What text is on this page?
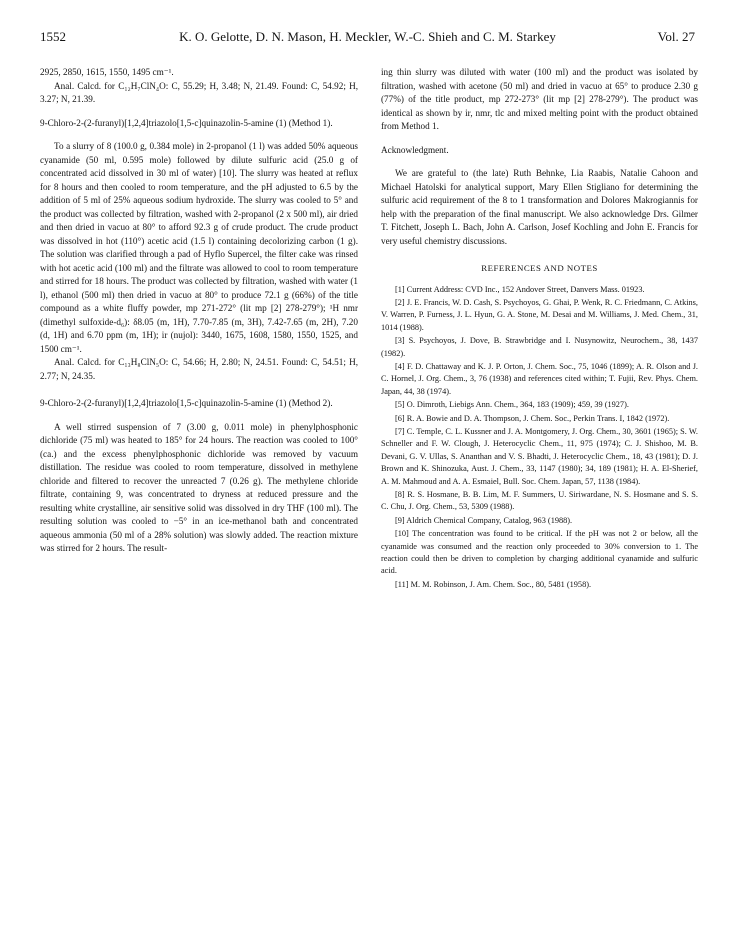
1552	K. O. Gelotte, D. N. Mason, H. Meckler, W.-C. Shieh and C. M. Starkey	Vol. 27

2925, 2850, 1615, 1550, 1495 cm⁻¹.

Anal. Calcd. for C₁₂H₇ClN₄O: C, 55.29; H, 3.48; N, 21.49. Found: C, 54.92; H, 3.27; N, 21.39.

9-Chloro-2-(2-furanyl)[1,2,4]triazolo[1,5-c]quinazolin-5-amine (1) (Method 1).

To a slurry of 8 (100.0 g, 0.384 mole) in 2-propanol (1 l) was added 50% aqueous cyanamide (50 ml, 0.595 mole) followed by dilute sulfuric acid (25.0 g of concentrated acid dissolved in 30 ml of water) [10]. The slurry was heated at reflux for 8 hours and then cooled to room temperature, and the pH adjusted to 6.5 by the addition of 5 ml of 25% aqueous sodium hydroxide. The slurry was cooled to 5° and the product was collected by filtration, washed with 2-propanol (2 x 500 ml), air dried and then dried in vacuo at 80° to afford 92.3 g of crude product. The crude product was dissolved in hot (110°) acetic acid (1.5 l) containing decolorizing carbon (1 g). The solution was clarified through a pad of Hyflo Supercel, the filter cake was rinsed with hot acetic acid (100 ml) and the filtrate was allowed to cool to room temperature and stirred for 18 hours. The product was collected by filtration, washed with water (1 l), ethanol (500 ml) then dried in vacuo at 80° to produce 72.1 g (66%) of the title compound as a white fluffy powder, mp 271-272° (lit mp [2] 278-279°); ¹H nmr (dimethyl sulfoxide-d₆): δ8.05 (m, 1H), 7.70-7.85 (m, 3H), 7.42-7.65 (m, 2H), 7.20 (d, 1H) and 6.70 ppm (m, 1H); ir (nujol): 3440, 1675, 1608, 1580, 1550, 1525, and 1500 cm⁻¹.

Anal. Calcd. for C₁₃H₈ClN₅O: C, 54.66; H, 2.80; N, 24.51. Found: C, 54.51; H, 2.77; N, 24.35.

9-Chloro-2-(2-furanyl)[1,2,4]triazolo[1,5-c]quinazolin-5-amine (1) (Method 2).

A well stirred suspension of 7 (3.00 g, 0.011 mole) in phenylphosphonic dichloride (75 ml) was heated to 185° for 24 hours. The reaction was cooled to 100° (ca.) and the excess phenylphosphonic dichloride was removed by vacuum distillation. The residue was cooled to room temperature, dissolved in methylene chloride and filtered to recover the unreacted 7 (0.26 g). The methylene chloride filtrate, containing 9, was concentrated to dryness at reduced pressure and the resulting white crystalline, air sensitive solid was dissolved in dry THF (100 ml). The resulting solution was cooled to −5° in an ice-methanol bath and concentrated aqueous ammonia (50 ml of a 28% solution) was slowly added. The reaction mixture was stirred for 2 hours. The result-

ing thin slurry was diluted with water (100 ml) and the product was isolated by filtration, washed with acetone (50 ml) and dried in vacuo at 65° to produce 2.30 g (77%) of the title product, mp 272-273° (lit mp [2] 278-279°). The product was identical as shown by ir, nmr, tlc and mixed melting point with the product obtained from Method 1.

Acknowledgment.

We are grateful to (the late) Ruth Behnke, Lia Raabis, Natalie Cahoon and Michael Hatolski for analytical support, Mary Ellen Stigliano for determining the sulfuric acid requirement of the 8 to 1 transformation and Dolores Makrogiannis for help with the preparation of the final manuscript. We also acknowledge Drs. Gilmer T. Fitchett, Joseph L. Bach, John A. Carlson, Josef Kochling and John E. Francis for very useful chemistry discussions.

REFERENCES AND NOTES

[1] Current Address: CVD Inc., 152 Andover Street, Danvers Mass. 01923.

[2] J. E. Francis, W. D. Cash, S. Psychoyos, G. Ghai, P. Wenk, R. C. Friedmann, C. Atkins, V. Warren, P. Furness, J. L. Hyun, G. A. Stone, M. Desai and M. Williams, J. Med. Chem., 31, 1014 (1988).

[3] S. Psychoyos, J. Dove, B. Strawbridge and I. Nusynowitz, Neurochem., 38, 1437 (1982).

[4] F. D. Chattaway and K. J. P. Orton, J. Chem. Soc., 75, 1046 (1899); A. R. Olson and J. C. Hornel, J. Org. Chem., 3, 76 (1938) and references cited within; T. Fujii, Rev. Phys. Chem. Japan, 44, 38 (1974).

[5] O. Dimroth, Liebigs Ann. Chem., 364, 183 (1909); 459, 39 (1927).

[6] R. A. Bowie and D. A. Thompson, J. Chem. Soc., Perkin Trans. I, 1842 (1972).

[7] C. Temple, C. L. Kussner and J. A. Montgomery, J. Org. Chem., 30, 3601 (1965); S. W. Schneller and F. W. Clough, J. Heterocyclic Chem., 11, 975 (1974); C. J. Shishoo, M. B. Devani, G. V. Ullas, S. Ananthan and V. S. Bhadti, J. Heterocyclic Chem., 18, 43 (1981); D. J. Brown and K. Shinozuka, Aust. J. Chem., 33, 1147 (1980); 34, 189 (1981); H. A. El-Sherief, A. M. Mahmoud and A. A. Esmaiel, Bull. Soc. Chem. Japan, 57, 1138 (1984).

[8] R. S. Hosmane, B. B. Lim, M. F. Summers, U. Siriwardane, N. S. Hosmane and S. S. C. Chu, J. Org. Chem., 53, 5309 (1988).

[9] Aldrich Chemical Company, Catalog, 963 (1988).

[10] The concentration was found to be critical. If the pH was not 2 or below, all the cyanamide was consumed and the reaction only proceeded to 30% conversion to 1. The reaction could then be driven to completion by charging additional cyanamide and sulfuric acid.

[11] M. M. Robinson, J. Am. Chem. Soc., 80, 5481 (1958).
